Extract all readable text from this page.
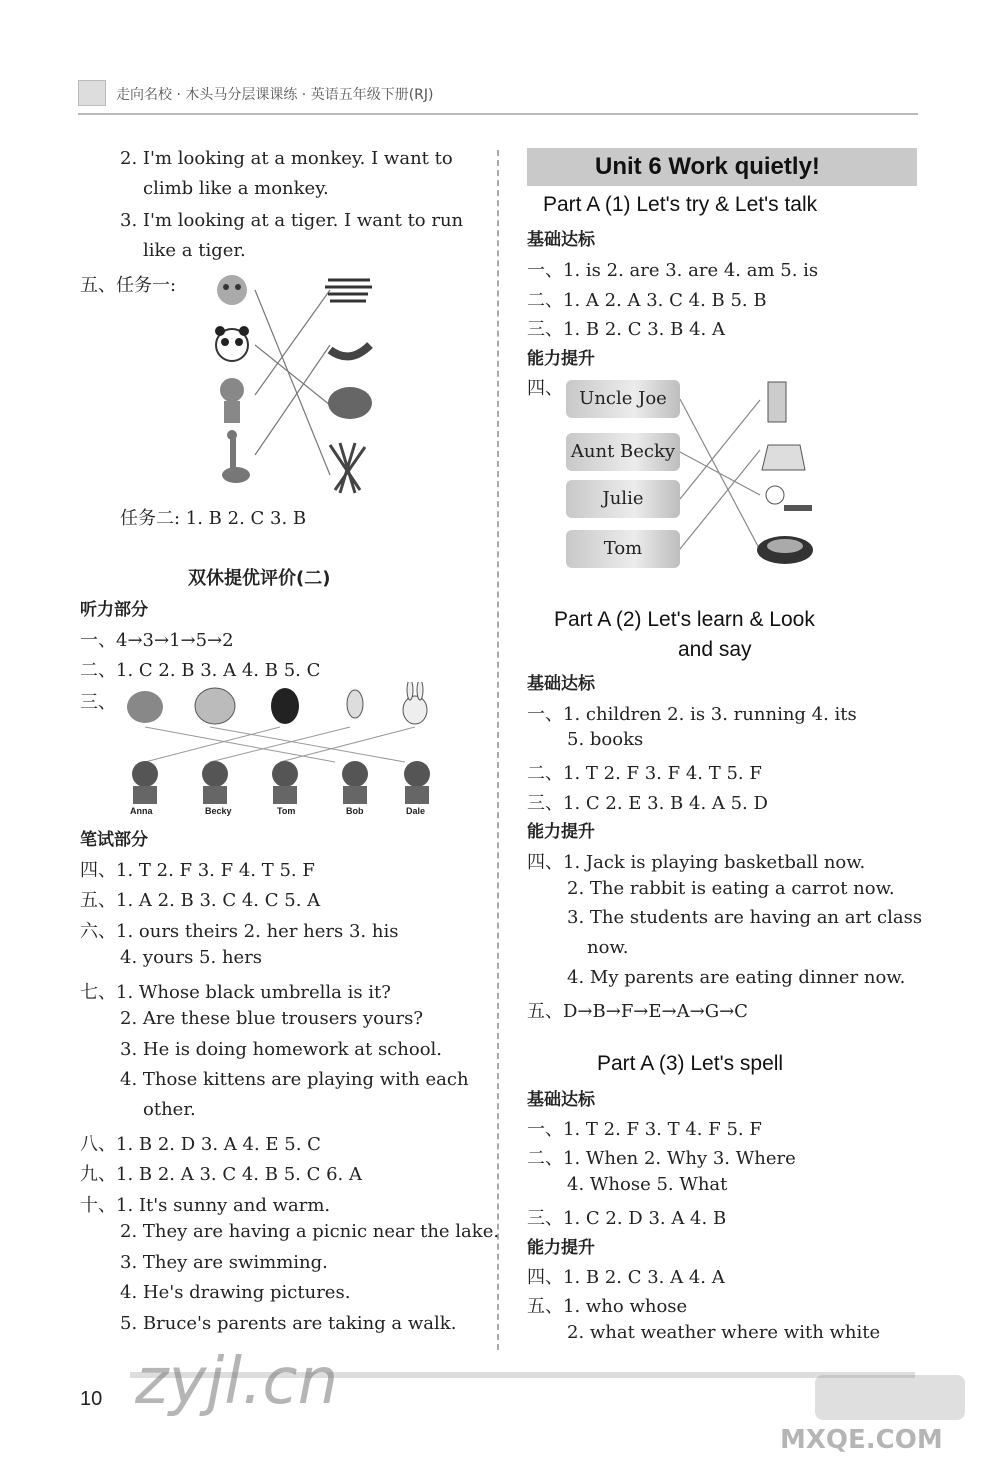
走向名校 · 木头马分层课课练 · 英语五年级下册(RJ)
2. I'm looking at a monkey. I want to
climb like a monkey.
3. I'm looking at a tiger. I want to run
like a tiger.
五、任务一:
任务二: 1. B 2. C 3. B
双休提优评价(二)
听力部分
一、4→3→1→5→2
二、1. C 2. B 3. A 4. B 5. C
三、
Anna	Becky	Tom	Bob	Dale
笔试部分
四、1. T 2. F 3. F 4. T 5. F
五、1. A 2. B 3. C 4. C 5. A
六、1. ours theirs 2. her hers 3. his
4. yours 5. hers
七、1. Whose black umbrella is it?
2. Are these blue trousers yours?
3. He is doing homework at school.
4. Those kittens are playing with each
other.
八、1. B 2. D 3. A 4. E 5. C
九、1. B 2. A 3. C 4. B 5. C 6. A
十、1. It's sunny and warm.
2. They are having a picnic near the lake.
3. They are swimming.
4. He's drawing pictures.
5. Bruce's parents are taking a walk.
Unit 6 Work quietly!
Part A (1) Let's try & Let's talk
基础达标
一、1. is 2. are 3. are 4. am 5. is
二、1. A 2. A 3. C 4. B 5. B
三、1. B 2. C 3. B 4. A
能力提升
四、 Uncle Joe
Aunt Becky
Julie
Tom
Part A (2) Let's learn & Look
and say
基础达标
一、1. children 2. is 3. running 4. its
5. books
二、1. T 2. F 3. F 4. T 5. F
三、1. C 2. E 3. B 4. A 5. D
能力提升
四、1. Jack is playing basketball now.
2. The rabbit is eating a carrot now.
3. The students are having an art class
now.
4. My parents are eating dinner now.
五、D→B→F→E→A→G→C
Part A (3) Let's spell
基础达标
一、1. T 2. F 3. T 4. F 5. F
二、1. When 2. Why 3. Where
4. Whose 5. What
三、1. C 2. D 3. A 4. B
能力提升
四、1. B 2. C 3. A 4. A
五、1. who whose
2. what weather where with white
10 zyjl.cn
MXQE.COM
